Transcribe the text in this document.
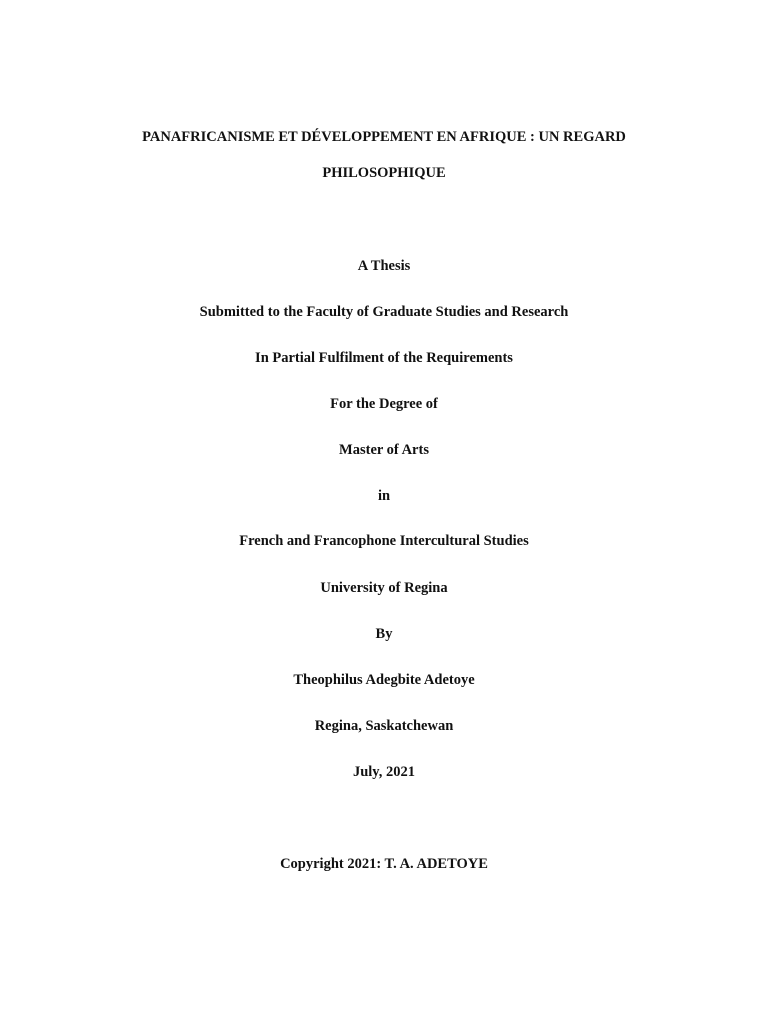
PANAFRICANISME ET DÉVELOPPEMENT EN AFRIQUE : UN REGARD
PHILOSOPHIQUE
A Thesis
Submitted to the Faculty of Graduate Studies and Research
In Partial Fulfilment of the Requirements
For the Degree of
Master of Arts
in
French and Francophone Intercultural Studies
University of Regina
By
Theophilus Adegbite Adetoye
Regina, Saskatchewan
July, 2021
Copyright 2021: T. A. ADETOYE
